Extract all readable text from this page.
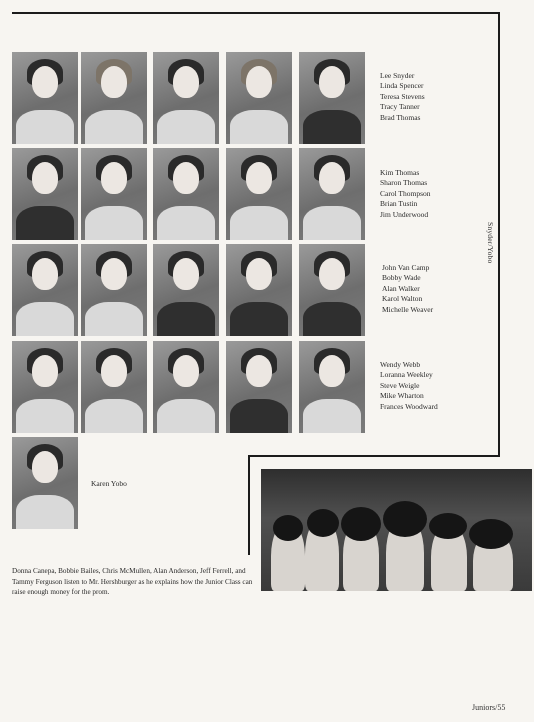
Snyder/Yobo
Lee Snyder
Linda Spencer
Teresa Stevens
Tracy Tanner
Brad Thomas
Kim Thomas
Sharon Thomas
Carol Thompson
Brian Tustin
Jim Underwood
John Van Camp
Bobby Wade
Alan Walker
Karol Walton
Michelle Weaver
Wendy Webb
Loranna Weekley
Steve Weigle
Mike Wharton
Frances Woodward
Karen Yobo
Donna Canepa, Bobbie Bailes, Chris McMullen, Alan Anderson, Jeff Ferrell, and Tammy Ferguson listen to Mr. Hershburger as he explains how the Junior Class can raise enough money for the prom.
Juniors/55
